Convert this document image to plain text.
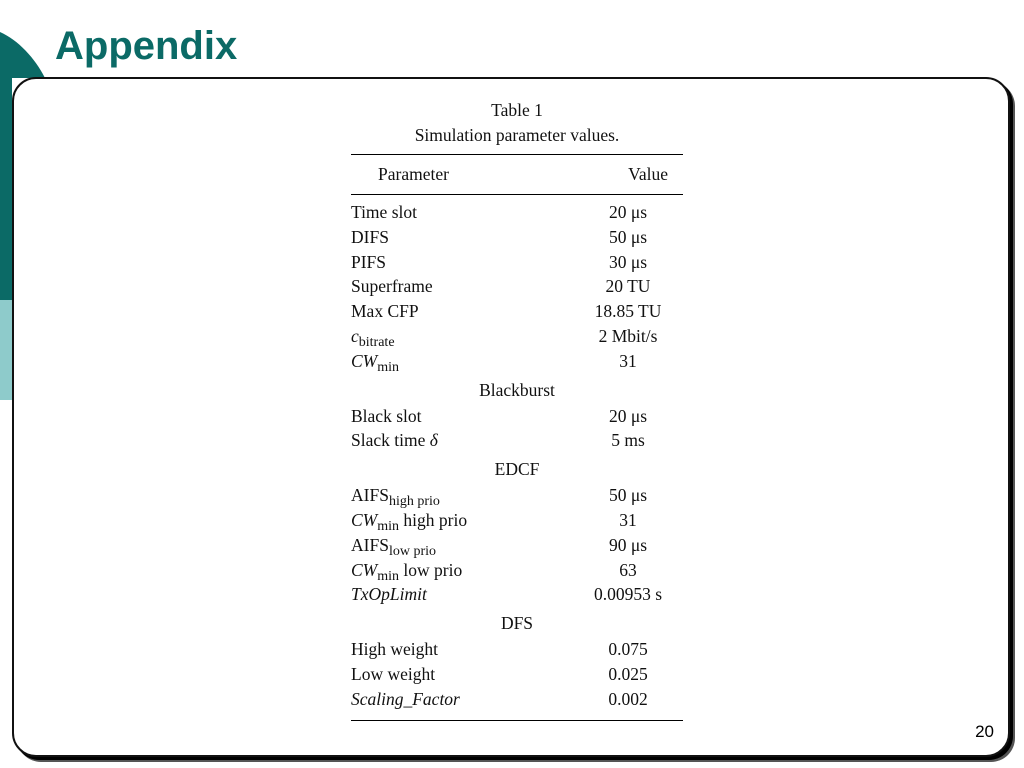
Appendix
Table 1
Simulation parameter values.
Parameter	Value
Time slot	20 μs
DIFS	50 μs
PIFS	30 μs
Superframe	20 TU
Max CFP	18.85 TU
$c_{bitrate}$	2 Mbit/s
$CW_{min}$	31
Blackburst
Black slot	20 μs
Slack time δ	5 ms
EDCF
$AIFS_{high prio}$	50 μs
$CW_{min}$ high prio	31
$AIFS_{low prio}$	90 μs
$CW_{min}$ low prio	63
TxOpLimit	0.00953 s
DFS
High weight	0.075
Low weight	0.025
Scaling_Factor	0.002
20
